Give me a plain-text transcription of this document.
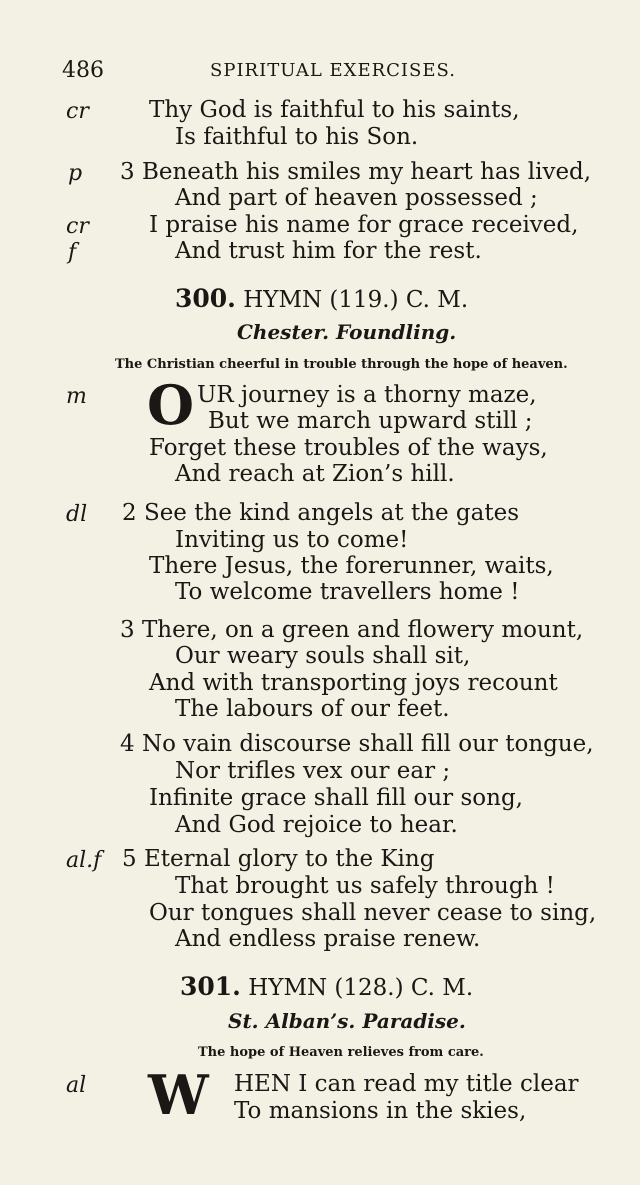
486	SPIRITUAL EXERCISES.
cr	Thy God is faithful to his saints,
Is faithful to his Son.
p 3 Beneath his smiles my heart has lived,
And part of heaven possessed ;
cr	I praise his name for grace received,
f	And trust him for the rest.
300. HYMN (119.) C. M.
Chester. Foundling.
The Christian cheerful in trouble through the hope of heaven.
m O UR journey is a thorny maze,
But we march upward still ;
Forget these troubles of the ways,
And reach at Zion’s hill.
dl 2 See the kind angels at the gates
Inviting us to come!
There Jesus, the forerunner, waits,
To welcome travellers home !
3 There, on a green and flowery mount,
Our weary souls shall sit,
And with transporting joys recount
The labours of our feet.
4 No vain discourse shall fill our tongue,
Nor trifles vex our ear ;
Infinite grace shall fill our song,
And God rejoice to hear.
al.f 5 Eternal glory to the King
That brought us safely through !
Our tongues shall never cease to sing,
And endless praise renew.
301. HYMN (128.) C. M.
St. Alban’s. Paradise.
The hope of Heaven relieves from care.
al W HEN I can read my title clear
To mansions in the skies,
